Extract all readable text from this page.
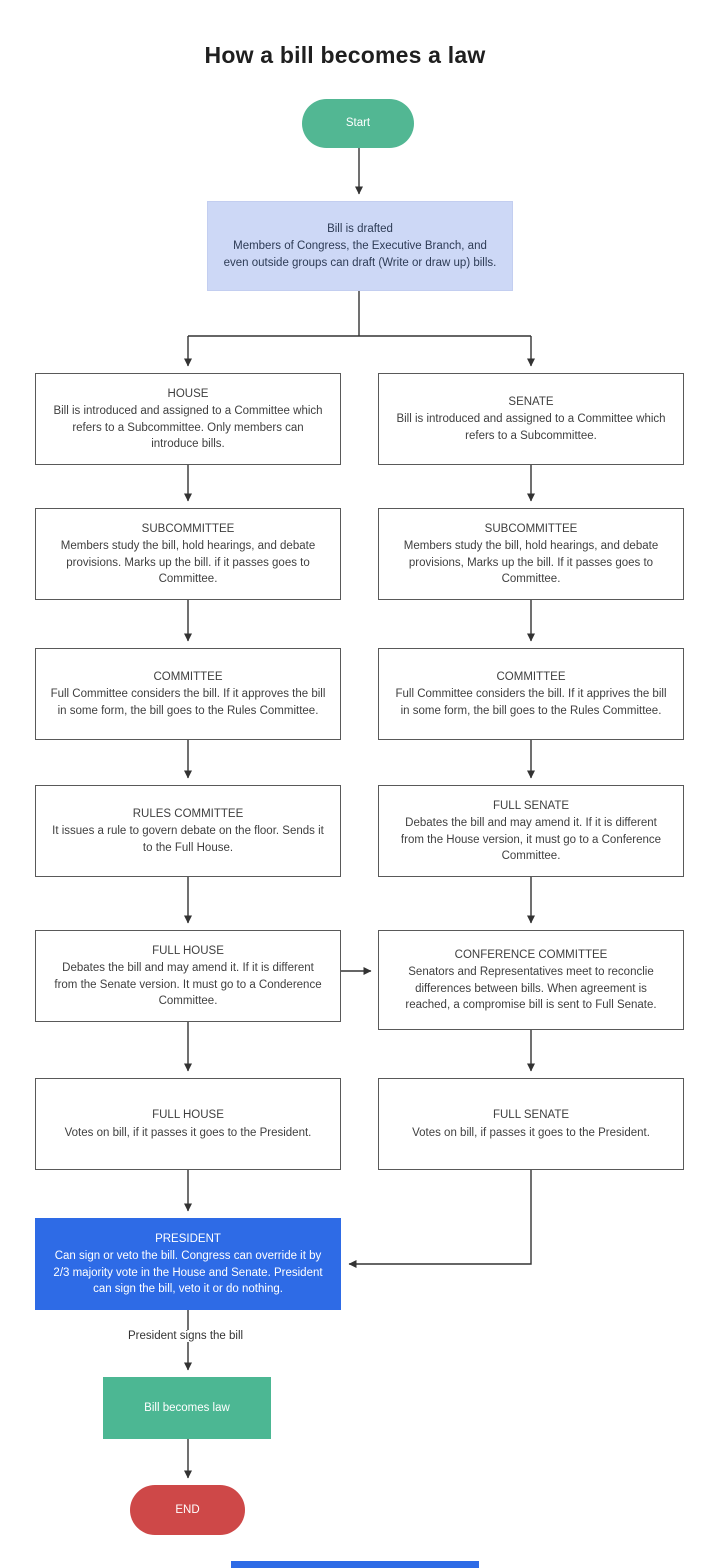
How a bill becomes a law
Start
Bill is drafted
Members of Congress, the Executive Branch, and even outside groups can draft (Write or draw up) bills.
HOUSE
Bill is introduced and assigned to a Committee which refers to a Subcommittee. Only members can introduce bills.
SENATE
Bill is introduced and assigned to a Committee which refers to a Subcommittee.
SUBCOMMITTEE
Members study the bill, hold hearings, and debate provisions. Marks up the bill. if it passes goes to Committee.
SUBCOMMITTEE
Members study the bill, hold hearings, and debate provisions, Marks up the bill. If it passes goes to Committee.
COMMITTEE
Full Committee considers the bill. If it approves the bill in some form, the bill goes to the Rules Committee.
COMMITTEE
Full Committee considers the bill. If it apprives the bill in some form, the bill goes to the Rules Committee.
RULES COMMITTEE
It issues a rule to govern debate on the floor. Sends it to the Full House.
FULL SENATE
Debates the bill and may amend it. If it is different from the House version, it must go to a Conference Committee.
FULL HOUSE
Debates the bill and may amend it. If it is different from the Senate version. It must go to a Conderence Committee.
CONFERENCE COMMITTEE
Senators and Representatives meet to reconclie differences between bills. When agreement is reached, a compromise bill is sent to Full Senate.
FULL HOUSE
Votes on bill, if it passes it goes to the President.
FULL SENATE
Votes on bill, if passes it goes to the President.
PRESIDENT
Can sign or veto the bill. Congress can override it by 2/3 majority vote in the House and Senate. President can sign the bill, veto it or do nothing.
President signs the bill
Bill becomes law
END
